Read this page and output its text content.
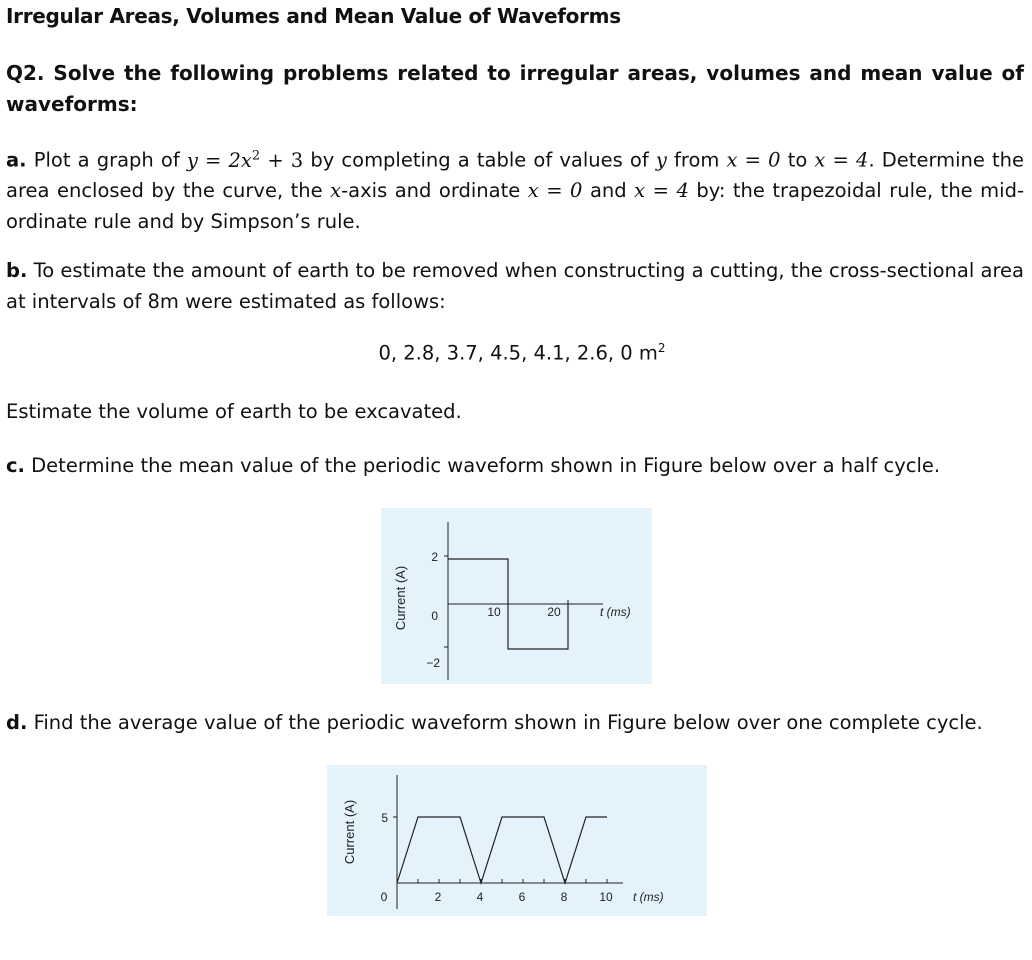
Irregular Areas, Volumes and Mean Value of Waveforms
Q2. Solve the following problems related to irregular areas, volumes and mean value of waveforms:
a. Plot a graph of $y = 2x^2 + 3$ by completing a table of values of y from x = 0 to x = 4. Determine the area enclosed by the curve, the x-axis and ordinate x = 0 and x = 4 by: the trapezoidal rule, the mid-ordinate rule and by Simpson’s rule.
b. To estimate the amount of earth to be removed when constructing a cutting, the cross-sectional area at intervals of 8m were estimated as follows:
0, 2.8, 3.7, 4.5, 4.1, 2.6, 0 $m^2$
Estimate the volume of earth to be excavated.
c. Determine the mean value of the periodic waveform shown in Figure below over a half cycle.
Current (A)
2
0
−2
10	20	t (ms)
d. Find the average value of the periodic waveform shown in Figure below over one complete cycle.
Current (A) 5
0	2	4	6	8	10 t (ms)
